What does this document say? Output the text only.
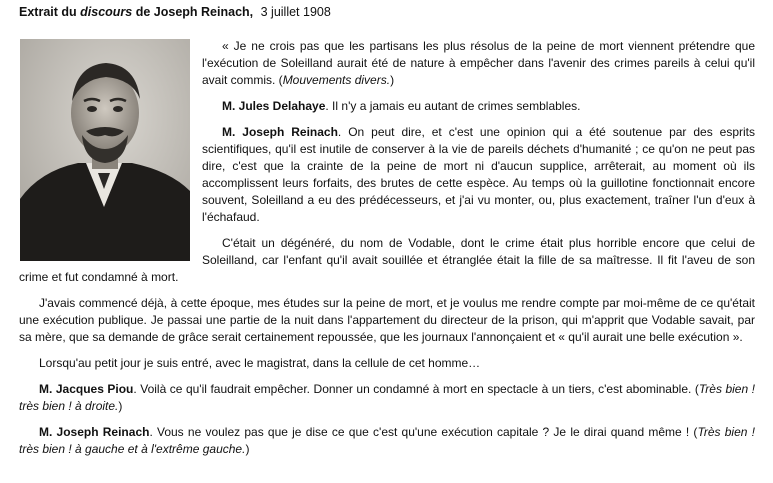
Extrait du discours de Joseph Reinach, 3 juillet 1908

« Je ne crois pas que les partisans les plus résolus de la peine de mort viennent prétendre que l'exécution de Soleilland aurait été de nature à empêcher dans l'avenir des crimes pareils à celui qu'il avait commis. (Mouvements divers.)

M. Jules Delahaye. Il n'y a jamais eu autant de crimes semblables.

M. Joseph Reinach. On peut dire, et c'est une opinion qui a été soutenue par des esprits scientifiques, qu'il est inutile de conserver à la vie de pareils déchets d'humanité ; ce qu'on ne peut pas dire, c'est que la crainte de la peine de mort ni d'aucun supplice, arrêterait, au moment où ils accomplissent leurs forfaits, des brutes de cette espèce. Au temps où la guillotine fonctionnait encore souvent, Soleilland a eu des prédécesseurs, et j'ai vu monter, ou, plus exactement, traîner l'un d'eux à l'échafaud.

C'était un dégénéré, du nom de Vodable, dont le crime était plus horrible encore que celui de Soleilland, car l'enfant qu'il avait souillée et étranglée était la fille de sa maîtresse. Il fit l'aveu de son crime et fut condamné à mort.

J'avais commencé déjà, à cette époque, mes études sur la peine de mort, et je voulus me rendre compte par moi-même de ce qu'était une exécution publique. Je passai une partie de la nuit dans l'appartement du directeur de la prison, qui m'apprit que Vodable savait, par sa mère, que sa demande de grâce serait certainement repoussée, que les journaux l'annonçaient et « qu'il aurait une belle exécution ».

Lorsqu'au petit jour je suis entré, avec le magistrat, dans la cellule de cet homme…

M. Jacques Piou. Voilà ce qu'il faudrait empêcher. Donner un condamné à mort en spectacle à un tiers, c'est abominable. (Très bien ! très bien ! à droite.)

M. Joseph Reinach. Vous ne voulez pas que je dise ce que c'est qu'une exécution capitale ? Je le dirai quand même ! (Très bien ! très bien ! à gauche et à l'extrême gauche.)
